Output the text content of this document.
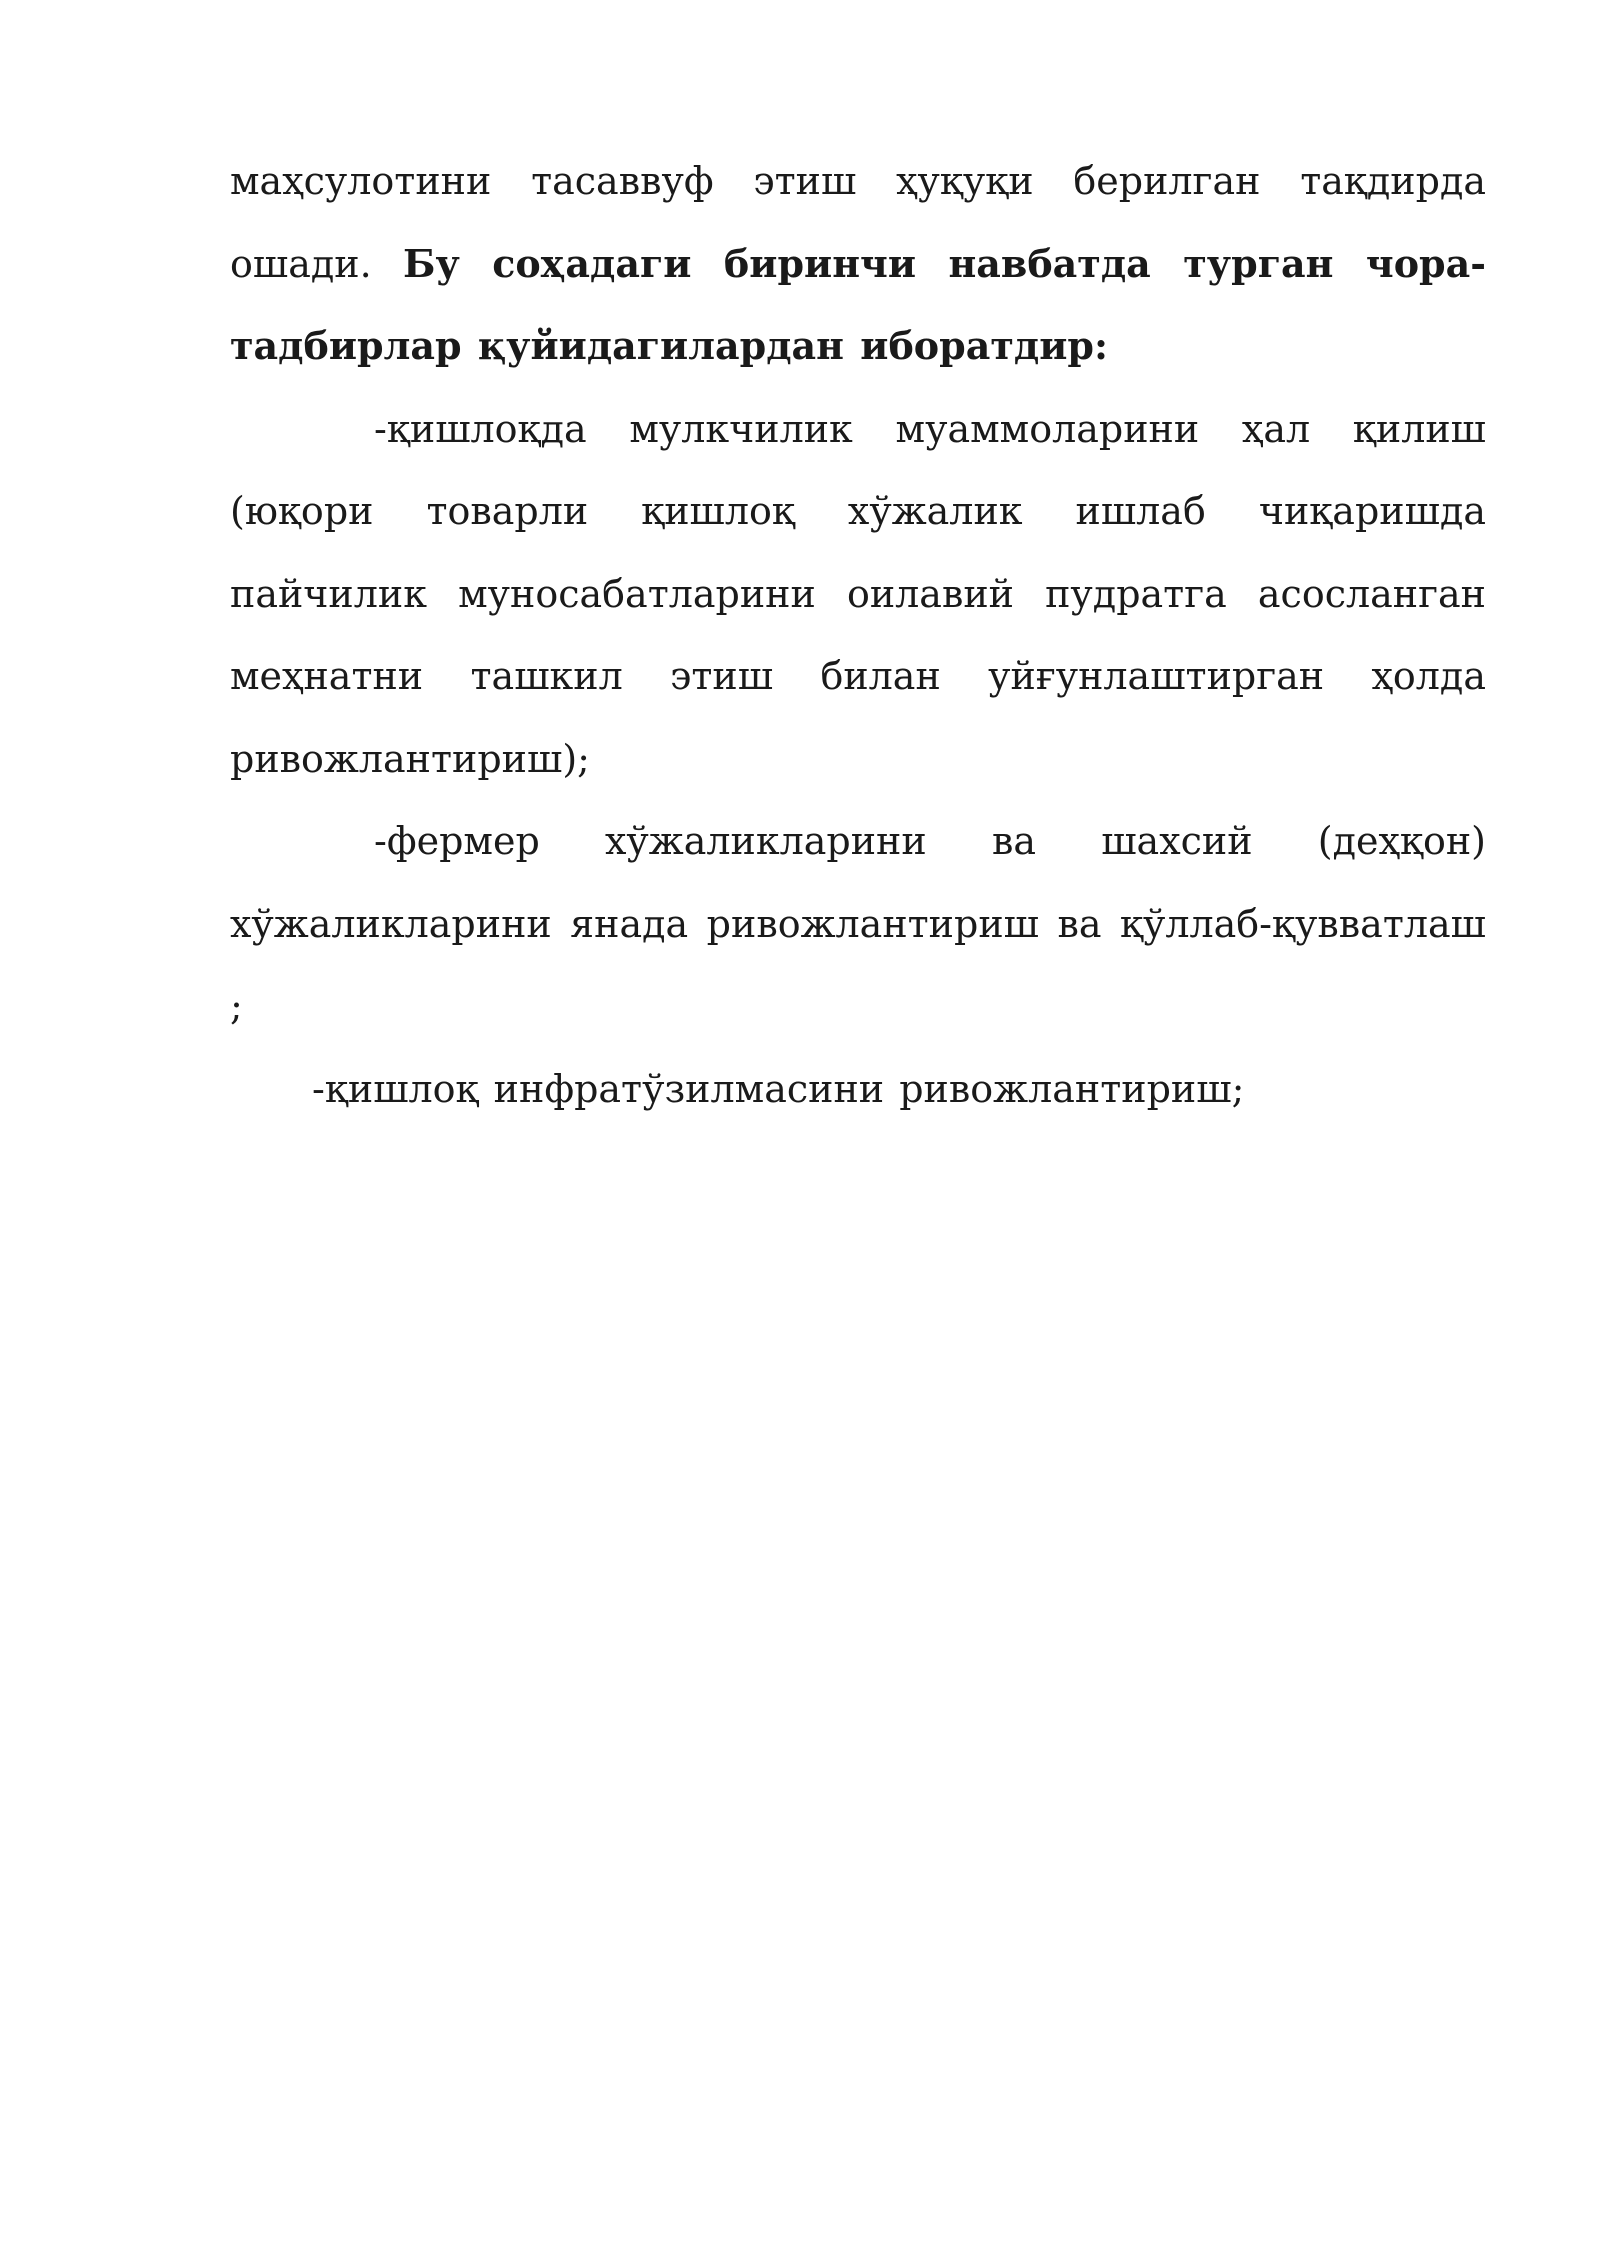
маҳсулотини тасаввуф этиш ҳуқуқи берилган тақдирда ошади. Бу соҳадаги биринчи навбатда турган чора-тадбирлар қуйидагилардан иборатдир:

-қишлоқда мулкчилик муаммоларини ҳал қилиш (юқори товарли қишлоқ хўжалик ишлаб чиқаришда пайчилик муносабатларини оилавий пудратга асосланган меҳнатни ташкил этиш билан уйғунлаштирган ҳолда ривожлантириш);

-фермер хўжаликларини ва шахсий (деҳқон) хўжаликларини янада ривожлантириш ва қўллаб-қувватлаш ;

-қишлоқ инфратўзилмасини ривожлантириш;
